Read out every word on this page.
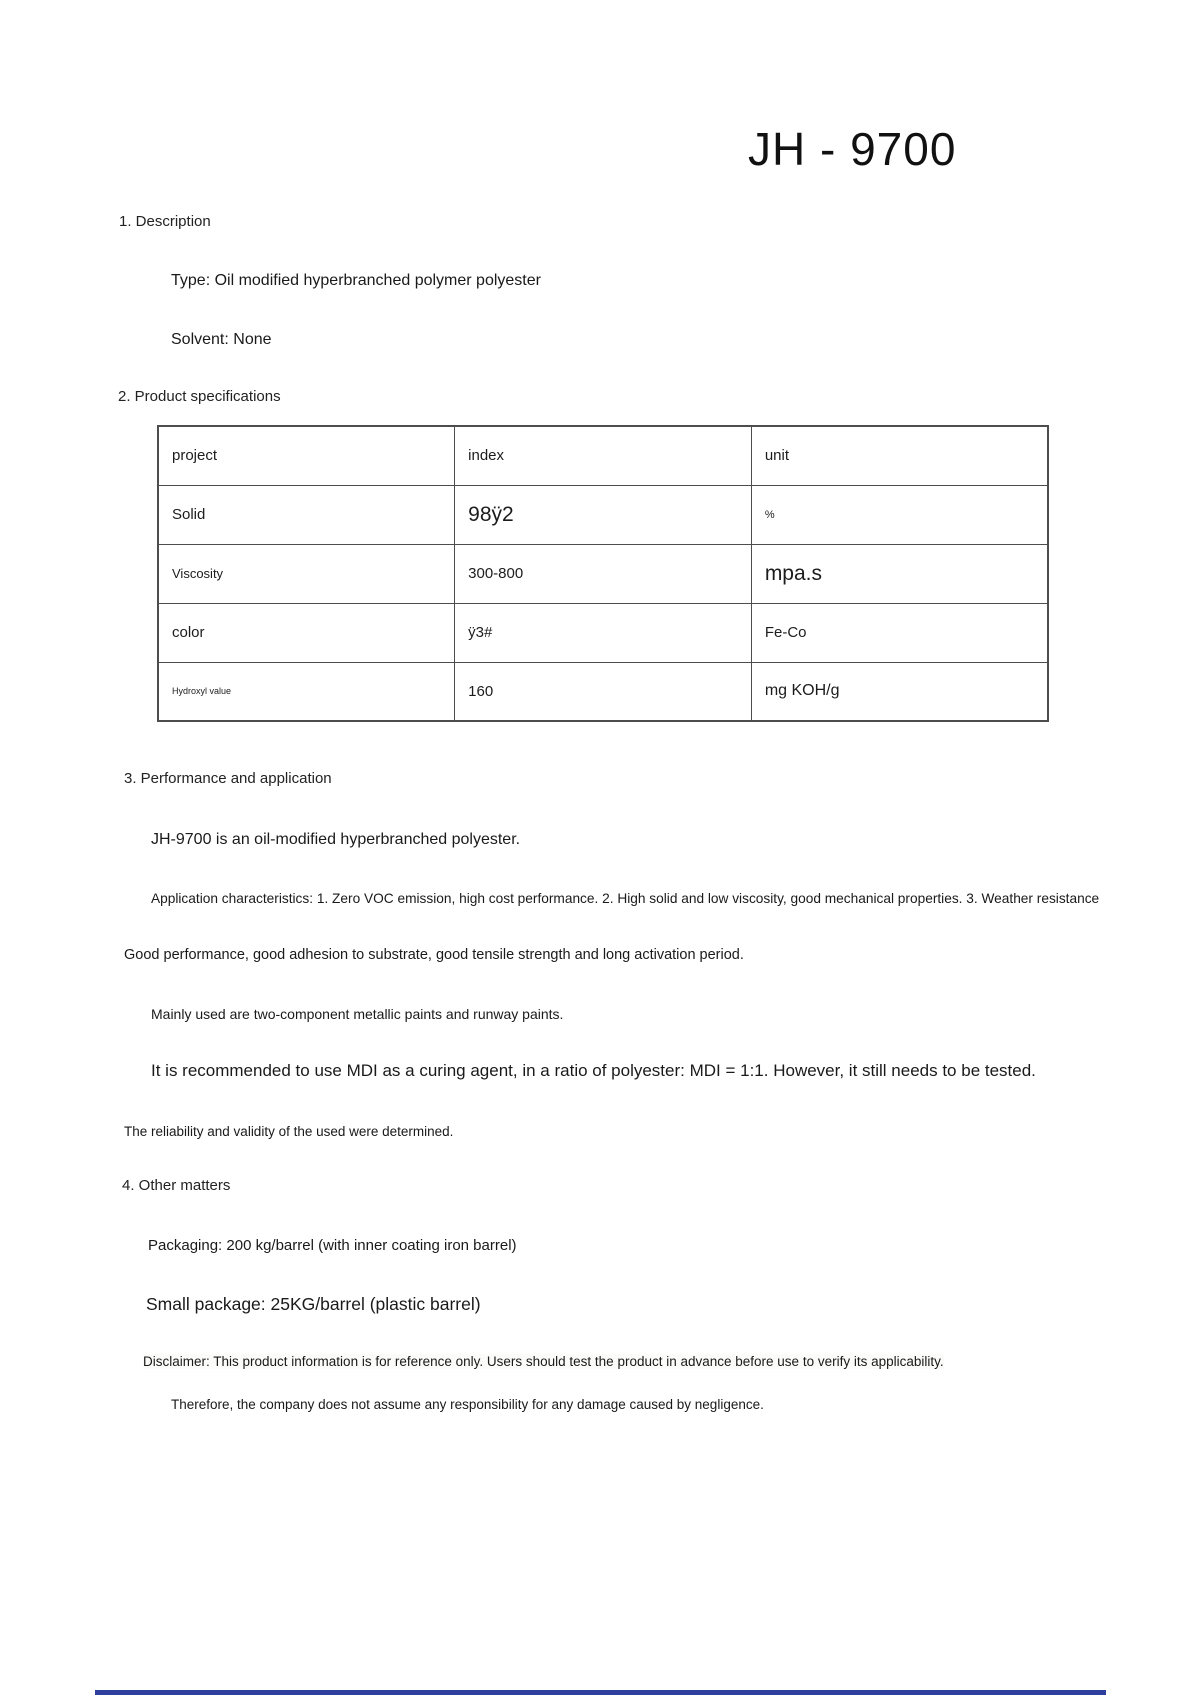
JH - 9700
1. Description
Type: Oil modified hyperbranched polymer polyester
Solvent: None
2. Product specifications
project	index	unit
Solid	98ÿ2	%
Viscosity	300-800	mpa.s
color	ÿ3#	Fe-Co
Hydroxyl value	160	mg KOH/g
3. Performance and application
JH-9700 is an oil-modified hyperbranched polyester.
Application characteristics: 1. Zero VOC emission, high cost performance. 2. High solid and low viscosity, good mechanical properties. 3. Weather resistance
Good performance, good adhesion to substrate, good tensile strength and long activation period.
Mainly used are two-component metallic paints and runway paints.
It is recommended to use MDI as a curing agent, in a ratio of polyester: MDI = 1:1. However, it still needs to be tested.
The reliability and validity of the used were determined.
4. Other matters
Packaging: 200 kg/barrel (with inner coating iron barrel)
Small package: 25KG/barrel (plastic barrel)
Disclaimer: This product information is for reference only. Users should test the product in advance before use to verify its applicability.
Therefore, the company does not assume any responsibility for any damage caused by negligence.
